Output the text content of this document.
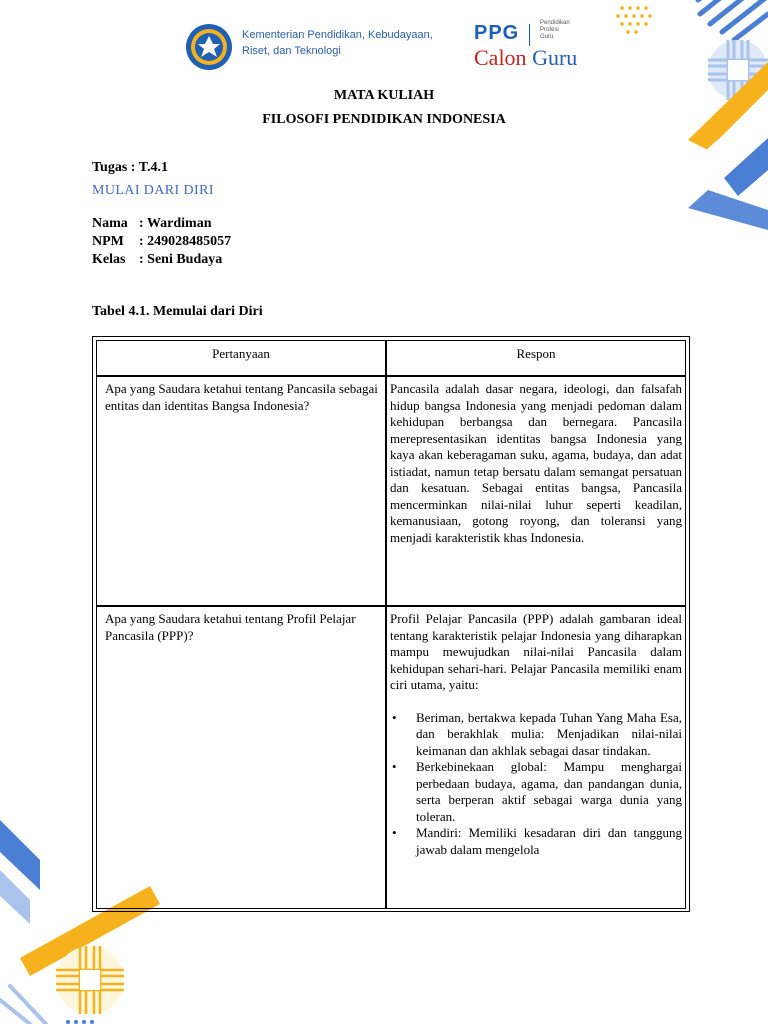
Kementerian Pendidikan, Kebudayaan,
Riset, dan Teknologi
PPG	Pendidikan
Profesi
Guru
Calon Guru
MATA KULIAH
FILOSOFI PENDIDIKAN INDONESIA
Tugas : T.4.1
MULAI DARI DIRI
Nama : Wardiman
NPM : 249028485057
Kelas : Seni Budaya
Tabel 4.1. Memulai dari Diri
Pertanyaan	Respon
Apa yang Saudara ketahui tentang Pancasila sebagai entitas dan identitas Bangsa Indonesia?
Pancasila adalah dasar negara, ideologi, dan falsafah hidup bangsa Indonesia yang menjadi pedoman dalam kehidupan berbangsa dan bernegara. Pancasila merepresentasikan identitas bangsa Indonesia yang kaya akan keberagaman suku, agama, budaya, dan adat istiadat, namun tetap bersatu dalam semangat persatuan dan kesatuan. Sebagai entitas bangsa, Pancasila mencerminkan nilai-nilai luhur seperti keadilan, kemanusiaan, gotong royong, dan toleransi yang menjadi karakteristik khas Indonesia.
Apa yang Saudara ketahui tentang Profil Pelajar Pancasila (PPP)?
Profil Pelajar Pancasila (PPP) adalah gambaran ideal tentang karakteristik pelajar Indonesia yang diharapkan mampu mewujudkan nilai-nilai Pancasila dalam kehidupan sehari-hari. Pelajar Pancasila memiliki enam ciri utama, yaitu:
• Beriman, bertakwa kepada Tuhan Yang Maha Esa, dan berakhlak mulia: Menjadikan nilai-nilai keimanan dan akhlak sebagai dasar tindakan.
• Berkebinekaan global: Mampu menghargai perbedaan budaya, agama, dan pandangan dunia, serta berperan aktif sebagai warga dunia yang toleran.
• Mandiri: Memiliki kesadaran diri dan tanggung jawab dalam mengelola
